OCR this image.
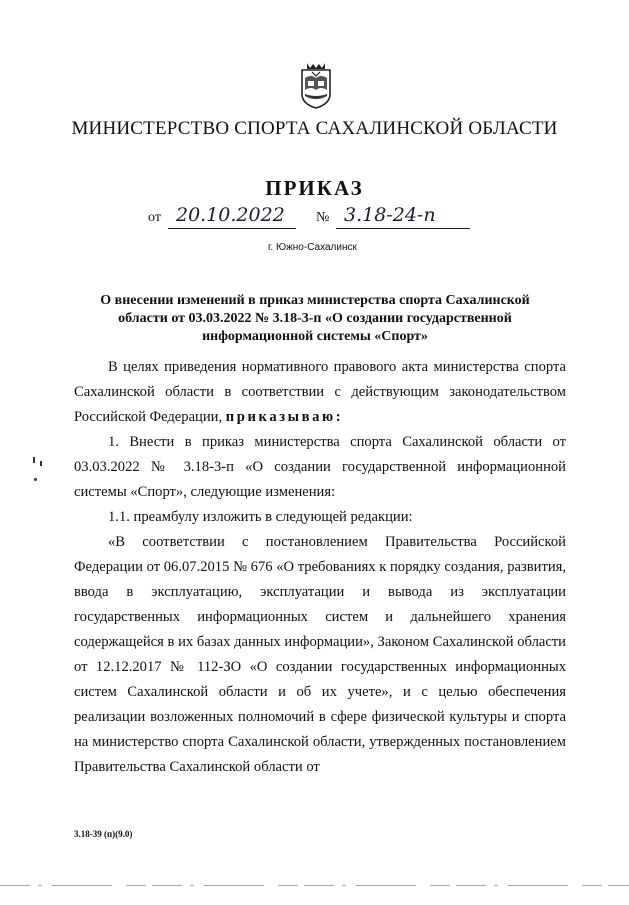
МИНИСТЕРСТВО СПОРТА САХАЛИНСКОЙ ОБЛАСТИ
ПРИКАЗ
от 20.10.2022 № 3.18-24-п
г. Южно-Сахалинск
О внесении изменений в приказ министерства спорта Сахалинской области от 03.03.2022 № 3.18-3-п «О создании государственной информационной системы «Спорт»

В целях приведения нормативного правового акта министерства спорта Сахалинской области в соответствии с действующим законодательством Российской Федерации, приказываю:

1. Внести в приказ министерства спорта Сахалинской области от 03.03.2022 № 3.18-3-п «О создании государственной информационной системы «Спорт», следующие изменения:

1.1. преамбулу изложить в следующей редакции:

«В соответствии с постановлением Правительства Российской Федерации от 06.07.2015 № 676 «О требованиях к порядку создания, развития, ввода в эксплуатацию, эксплуатации и вывода из эксплуатации государственных информационных систем и дальнейшего хранения содержащейся в их базах данных информации», Законом Сахалинской области от 12.12.2017 № 112-ЗО «О создании государственных информационных систем Сахалинской области и об их учете», и с целью обеспечения реализации возложенных полномочий в сфере физической культуры и спорта на министерство спорта Сахалинской области, утвержденных постановлением Правительства Сахалинской области от

3.18-39 (п)(9.0)
